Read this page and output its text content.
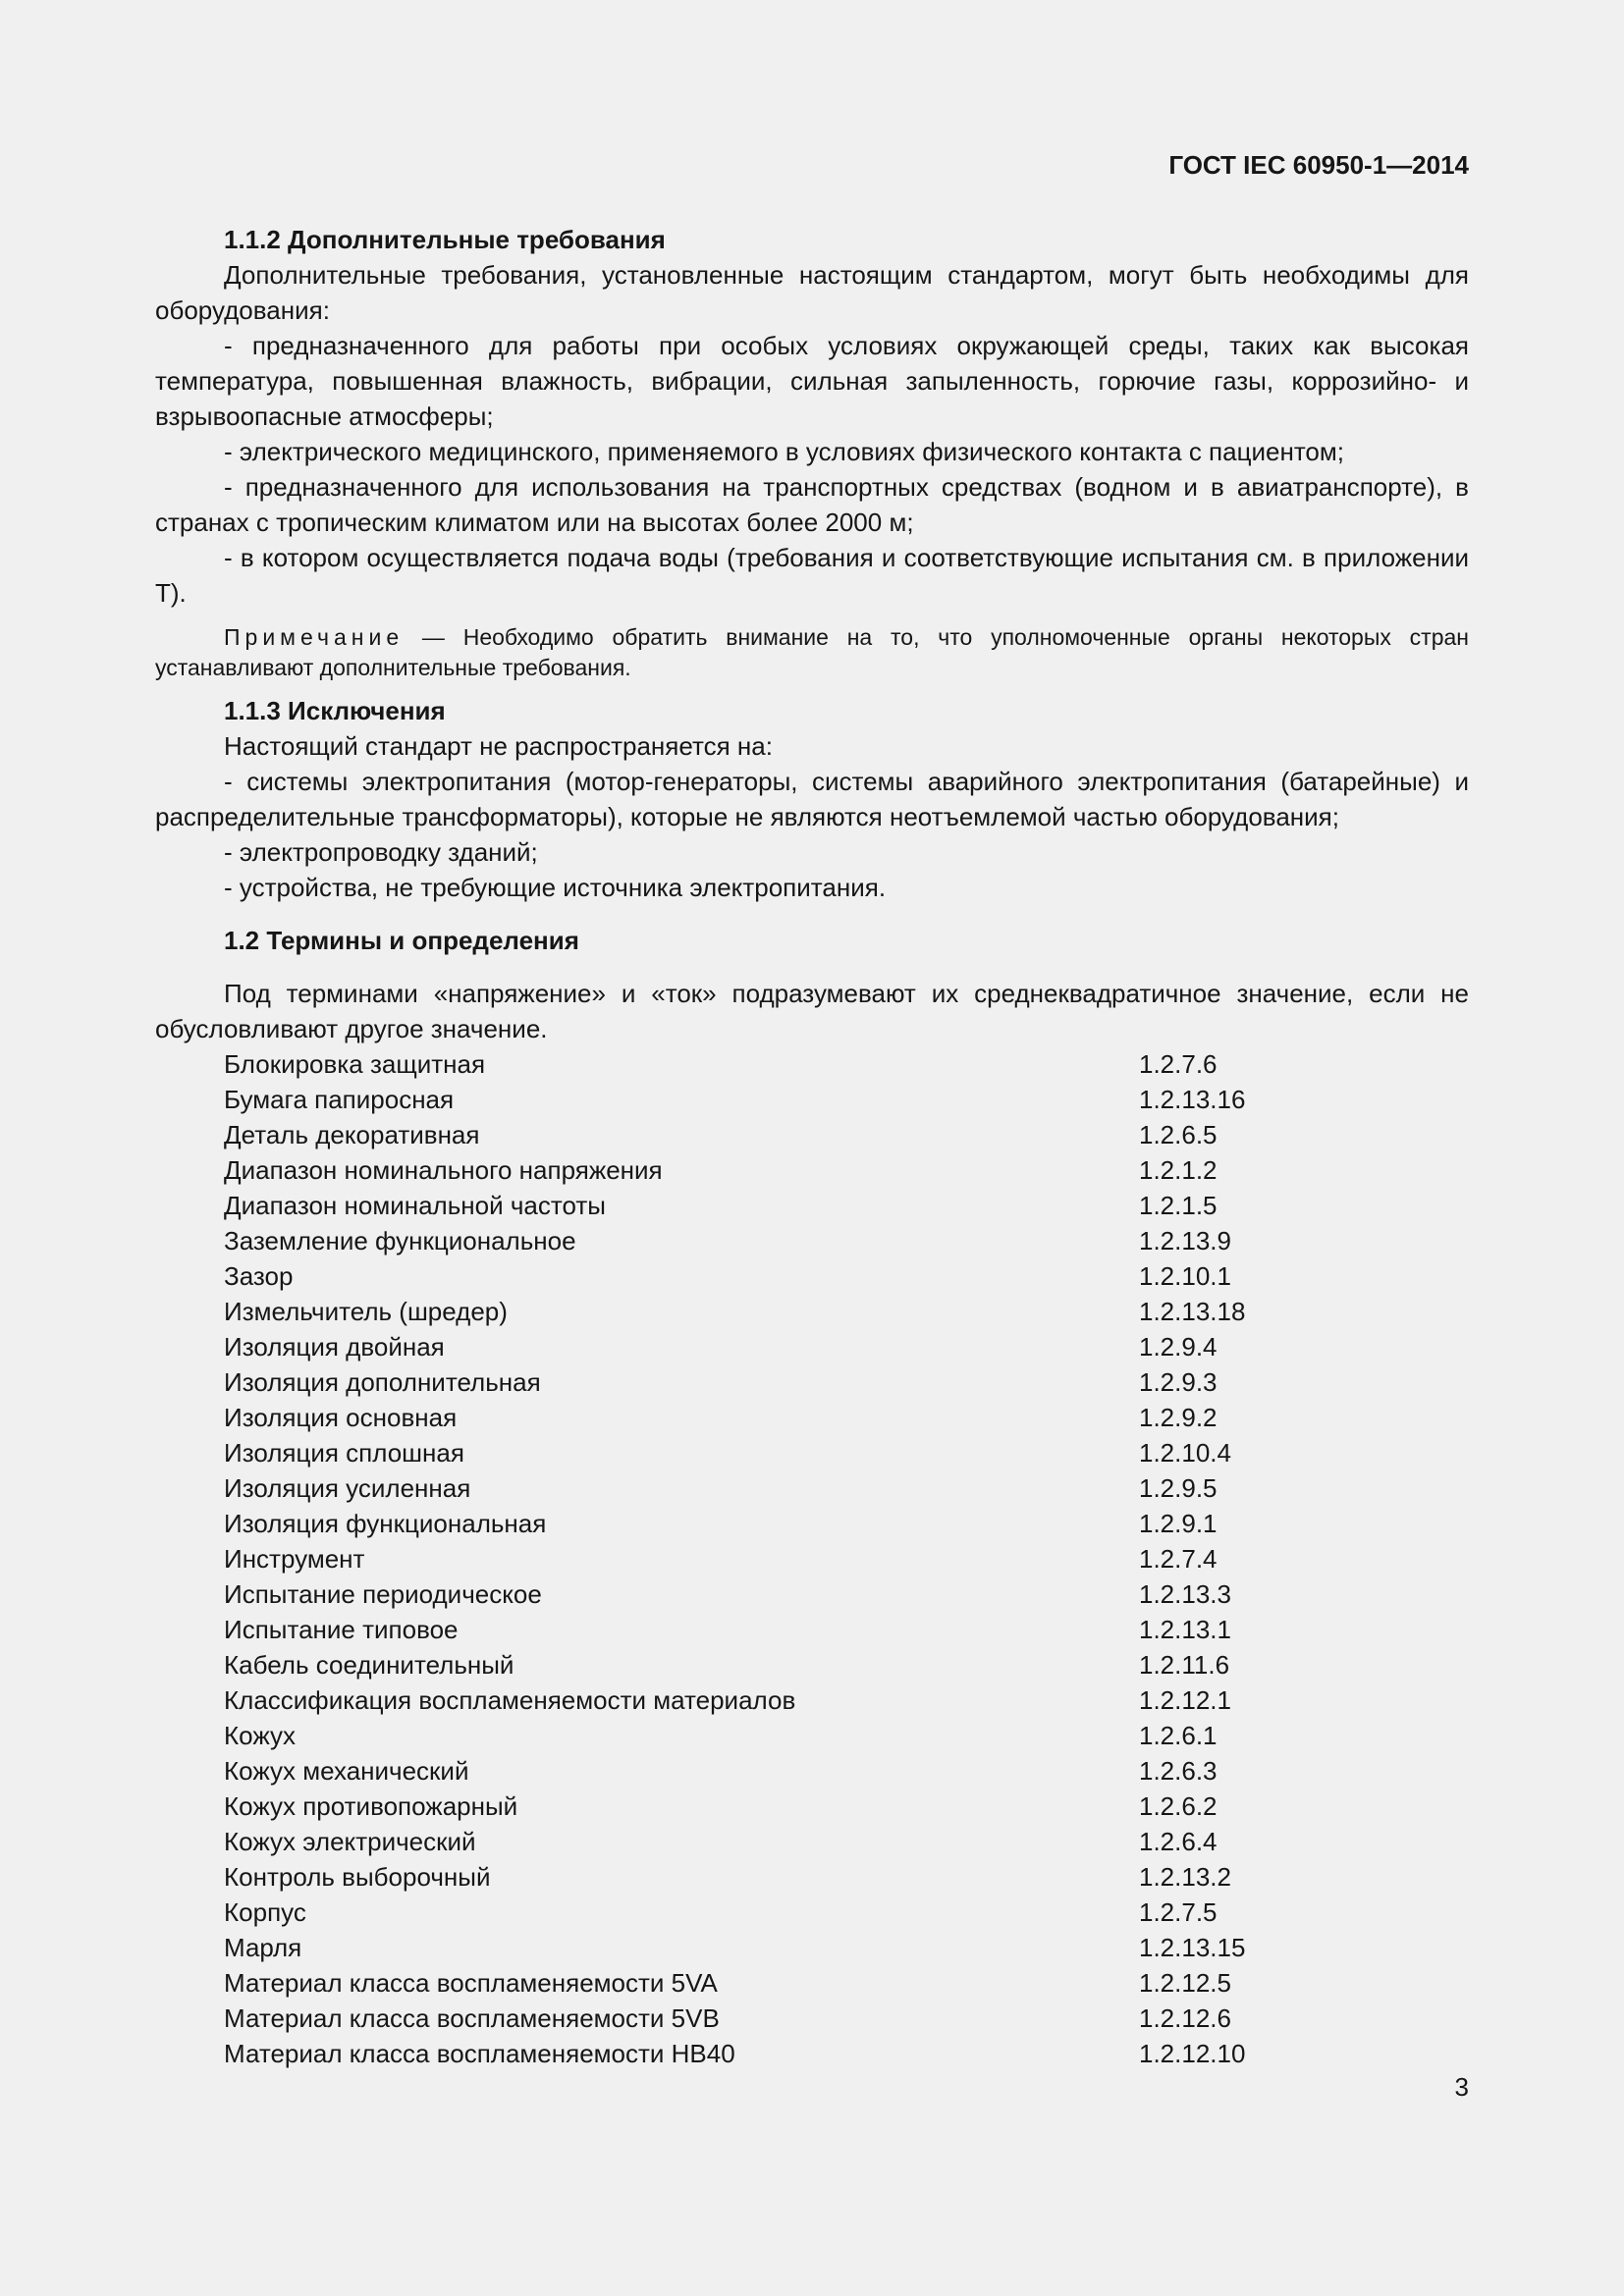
ГОСТ IEC 60950-1—2014

1.1.2 Дополнительные требования

Дополнительные требования, установленные настоящим стандартом, могут быть необходимы для оборудования:

- предназначенного для работы при особых условиях окружающей среды, таких как высокая температура, повышенная влажность, вибрации, сильная запыленность, горючие газы, коррозийно- и взрывоопасные атмосферы;

- электрического медицинского, применяемого в условиях физического контакта с пациентом;

- предназначенного для использования на транспортных средствах (водном и в авиатранспорте), в странах с тропическим климатом или на высотах более 2000 м;

- в котором осуществляется подача воды (требования и соответствующие испытания см. в приложении Т).

Примечание — Необходимо обратить внимание на то, что уполномоченные органы некоторых стран устанавливают дополнительные требования.

1.1.3 Исключения

Настоящий стандарт не распространяется на:

- системы электропитания (мотор-генераторы, системы аварийного электропитания (батарейные) и распределительные трансформаторы), которые не являются неотъемлемой частью оборудования;

- электропроводку зданий;

- устройства, не требующие источника электропитания.

1.2 Термины и определения

Под терминами «напряжение» и «ток» подразумевают их среднеквадратичное значение, если не обусловливают другое значение.

Блокировка защитная	1.2.7.6
Бумага папиросная	1.2.13.16
Деталь декоративная	1.2.6.5
Диапазон номинального напряжения	1.2.1.2
Диапазон номинальной частоты	1.2.1.5
Заземление функциональное	1.2.13.9
Зазор	1.2.10.1
Измельчитель (шредер)	1.2.13.18
Изоляция двойная	1.2.9.4
Изоляция дополнительная	1.2.9.3
Изоляция основная	1.2.9.2
Изоляция сплошная	1.2.10.4
Изоляция усиленная	1.2.9.5
Изоляция функциональная	1.2.9.1
Инструмент	1.2.7.4
Испытание периодическое	1.2.13.3
Испытание типовое	1.2.13.1
Кабель соединительный	1.2.11.6
Классификация воспламеняемости материалов	1.2.12.1
Кожух	1.2.6.1
Кожух механический	1.2.6.3
Кожух противопожарный	1.2.6.2
Кожух электрический	1.2.6.4
Контроль выборочный	1.2.13.2
Корпус	1.2.7.5
Марля	1.2.13.15
Материал класса воспламеняемости 5VA	1.2.12.5
Материал класса воспламеняемости 5VB	1.2.12.6
Материал класса воспламеняемости НВ40	1.2.12.10
3
